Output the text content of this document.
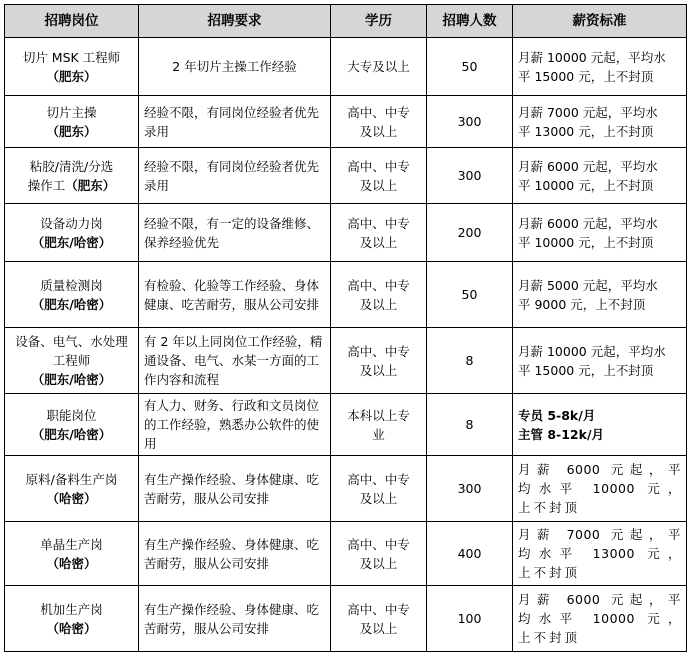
招聘岗位	招聘要求	学历	招聘人数	薪资标准

切片 MSK 工程师
（肥东）	2 年切片主操工作经验	大专及以上	50	月薪 10000 元起，平均水
平 15000 元，上不封顶

切片主操
（肥东）	经验不限，有同岗位经验者优先录用	高中、中专及以上	300	月薪 7000 元起，平均水
平 13000 元，上不封顶

粘胶/清洗/分选
操作工（肥东）	经验不限，有同岗位经验者优先录用	高中、中专及以上	300	月薪 6000 元起，平均水
平 10000 元，上不封顶

设备动力岗
（肥东/哈密）	经验不限，有一定的设备维修、保养经验优先	高中、中专及以上	200	月薪 6000 元起，平均水
平 10000 元，上不封顶

质量检测岗
（肥东/哈密）	有检验、化验等工作经验、身体健康、吃苦耐劳，服从公司安排	高中、中专及以上	50	月薪 5000 元起，平均水
平 9000 元，上不封顶

设备、电气、水处理工程师
（肥东/哈密）	有 2 年以上同岗位工作经验，精通设备、电气、水某一方面的工作内容和流程	高中、中专及以上	8	月薪 10000 元起，平均水
平 15000 元，上不封顶

职能岗位
（肥东/哈密）	有人力、财务、行政和文员岗位的工作经验，熟悉办公软件的使用	本科以上专业	8	专员 5-8k/月
主管 8-12k/月

原料/备料生产岗
（哈密）	有生产操作经验、身体健康、吃苦耐劳，服从公司安排	高中、中专及以上	300	月薪 6000 元起，平
均水平 10000 元，
上不封顶

单晶生产岗
（哈密）	有生产操作经验、身体健康、吃苦耐劳，服从公司安排	高中、中专及以上	400	月薪 7000 元起，平
均水平 13000 元，
上不封顶

机加生产岗
（哈密）	有生产操作经验、身体健康、吃苦耐劳，服从公司安排	高中、中专及以上	100	月薪 6000 元起，平
均水平 10000 元，
上不封顶
